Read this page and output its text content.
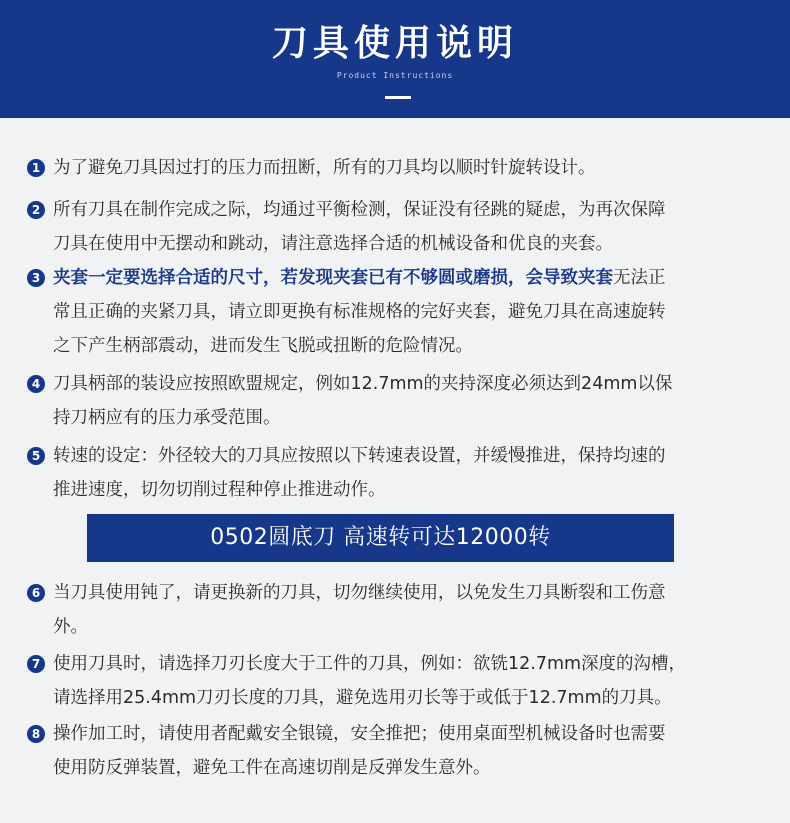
刀具使用说明
Product Instructions
1 为了避免刀具因过打的压力而扭断，所有的刀具均以顺时针旋转设计。
2 所有刀具在制作完成之际，均通过平衡检测，保证没有径跳的疑虑，为再次保障
刀具在使用中无摆动和跳动，请注意选择合适的机械设备和优良的夹套。
3 夹套一定要选择合适的尺寸，若发现夹套已有不够圆或磨损，会导致夹套 无法正
常且正确的夹紧刀具，请立即更换有标准规格的完好夹套，避免刀具在高速旋转
之下产生柄部震动，进而发生飞脱或扭断的危险情况。
4 刀具柄部的装设应按照欧盟规定，例如12.7mm的夹持深度必须达到24mm以保
持刀柄应有的压力承受范围。
5 转速的设定：外径较大的刀具应按照以下转速表设置，并缓慢推进，保持均速的
推进速度，切勿切削过程种停止推进动作。
0502圆底刀 高速转可达12000转
6 当刀具使用钝了，请更换新的刀具，切勿继续使用，以免发生刀具断裂和工伤意
外。
7 使用刀具时，请选择刀刃长度大于工件的刀具，例如：欲铣12.7mm深度的沟槽，
请选择用25.4mm刀刃长度的刀具，避免选用刃长等于或低于12.7mm的刀具。
8 操作加工时，请使用者配戴安全银镜，安全推把；使用桌面型机械设备时也需要
使用防反弹装置，避免工件在高速切削是反弹发生意外。
